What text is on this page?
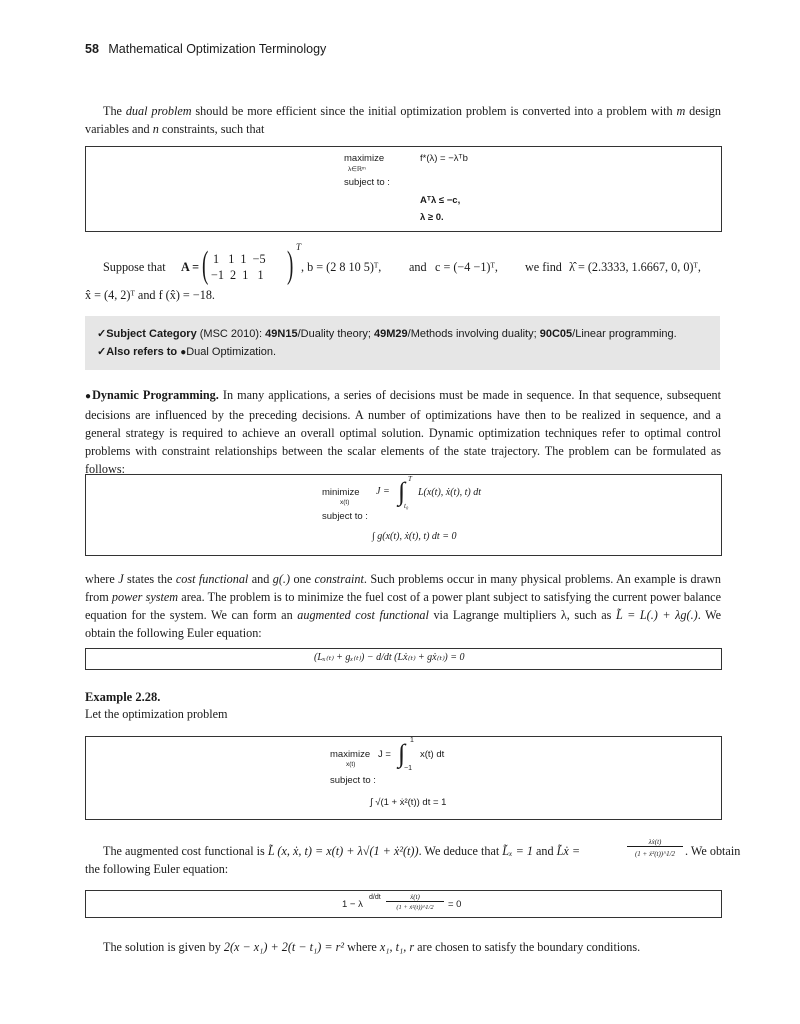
58 Mathematical Optimization Terminology
The dual problem should be more efficient since the initial optimization problem is converted into a problem with m design variables and n constraints, such that
maximize
λ∈ℝᵐ
f*(λ) = −λᵀb
subject to :
Aᵀλ ≤ −c,
λ ≥ 0.
Suppose that A = ( 1   1  1  −5
−1  2  1   1 ) T
, b = (2 8 10 5)ᵀ, and c = (−4 −1)ᵀ, we find λ̂ = (2.3333, 1.6667, 0, 0)ᵀ,
x̂ = (4, 2)ᵀ and f (x̂) = −18.
✓Subject Category (MSC 2010): 49N15/Duality theory; 49M29/Methods involving duality; 90C05/Linear programming.
✓Also refers to ●Dual Optimization.
●Dynamic Programming. In many applications, a series of decisions must be made in sequence. In that sequence, subsequent decisions are influenced by the preceding decisions. A number of optimizations have then to be realized in sequence, and a general strategy is required to achieve an overall optimal solution. Dynamic optimization techniques refer to optimal control problems with constraint relationships between the scalar elements of the state trajectory. The problem can be formulated as follows:
minimize
x(t)
J = ∫ T
t₀
L(x(t), ẋ(t), t) dt
subject to :
∫ g(x(t), ẋ(t), t) dt = 0
where J states the cost functional and g(.) one constraint. Such problems occur in many physical problems. An example is drawn from power system area. The problem is to minimize the fuel cost of a power plant subject to satisfying the current power balance equation for the system. We can form an augmented cost functional via Lagrange multipliers λ, such as L̃ = L(.) + λg(.). We obtain the following Euler equation:
(Lₓ₍ₜ₎ + gₓ₍ₜ₎) − d/dt (Lẋ₍ₜ₎ + gẋ₍ₜ₎) = 0
Example 2.28.
Let the optimization problem
maximize
x(t)
J = ∫ 1
−1
x(t) dt
subject to :
∫ √(1 + ẋ²(t)) dt = 1
The augmented cost functional is L̃ (x, ẋ, t) = x(t) + λ√(1 + ẋ²(t)). We deduce that L̃ₓ = 1 and L̃ẋ =
λẋ(t)
(1 + ẋ²(t))^1/2 . We obtain
the following Euler equation:
1 − λ
d/dt	ẋ(t)
(1 + ẋ²(t))^1/2	= 0
The solution is given by 2(x − x₁) + 2(t − t₁) = r² where x₁, t₁, r are chosen to satisfy the boundary conditions.
